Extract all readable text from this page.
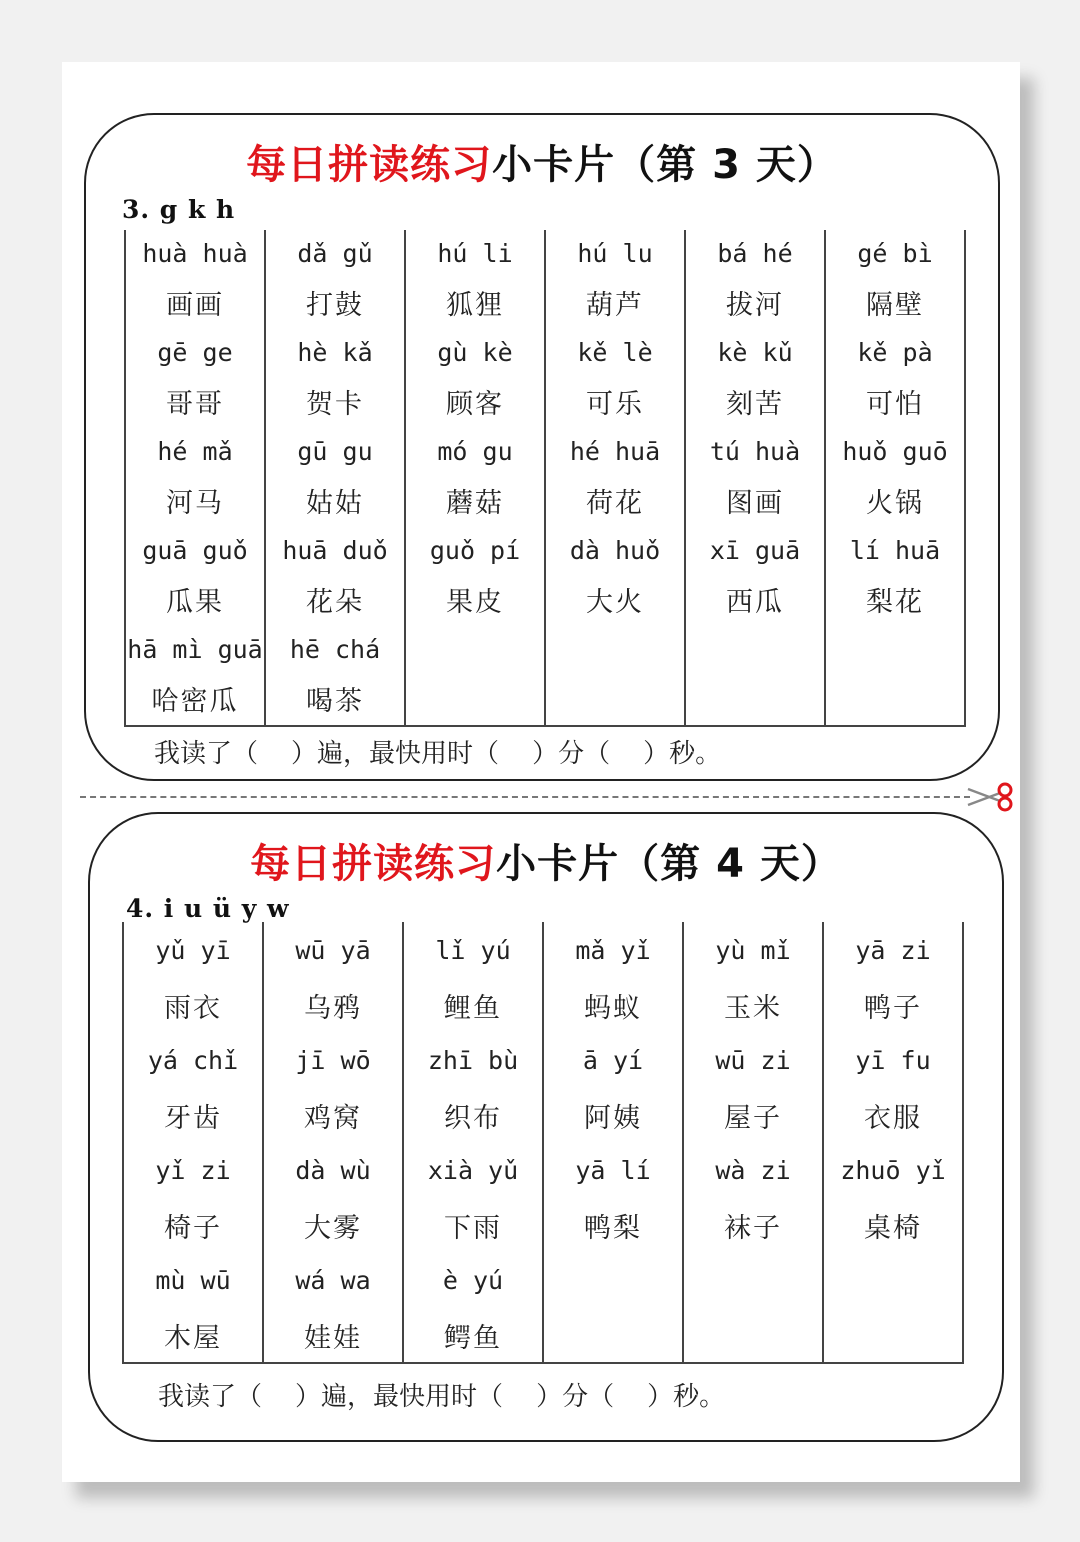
每日拼读练习小卡片（第 3 天）
3. g k h
huà huà
画画
gē ge
哥哥
hé mǎ
河马
guā guǒ
瓜果
hā mì guā
哈密瓜
dǎ gǔ
打鼓
hè kǎ
贺卡
gū gu
姑姑
huā duǒ
花朵
hē chá
喝茶
hú li
狐狸
gù kè
顾客
mó gu
蘑菇
guǒ pí
果皮
hú lu
葫芦
kě lè
可乐
hé huā
荷花
dà huǒ
大火
bá hé
拔河
kè kǔ
刻苦
tú huà
图画
xī guā
西瓜
gé bì
隔壁
kě pà
可怕
huǒ guō
火锅
lí huā
梨花
我读了（    ）遍，最快用时（    ）分（    ）秒。
每日拼读练习小卡片（第 4 天）
4. i u ü y w
yǔ yī
雨衣
yá chǐ
牙齿
yǐ zi
椅子
mù wū
木屋
wū yā
乌鸦
jī wō
鸡窝
dà wù
大雾
wá wa
娃娃
lǐ yú
鲤鱼
zhī bù
织布
xià yǔ
下雨
è yú
鳄鱼
mǎ yǐ
蚂蚁
ā yí
阿姨
yā lí
鸭梨
yù mǐ
玉米
wū zi
屋子
wà zi
袜子
yā zi
鸭子
yī fu
衣服
zhuō yǐ
桌椅
我读了（    ）遍，最快用时（    ）分（    ）秒。
